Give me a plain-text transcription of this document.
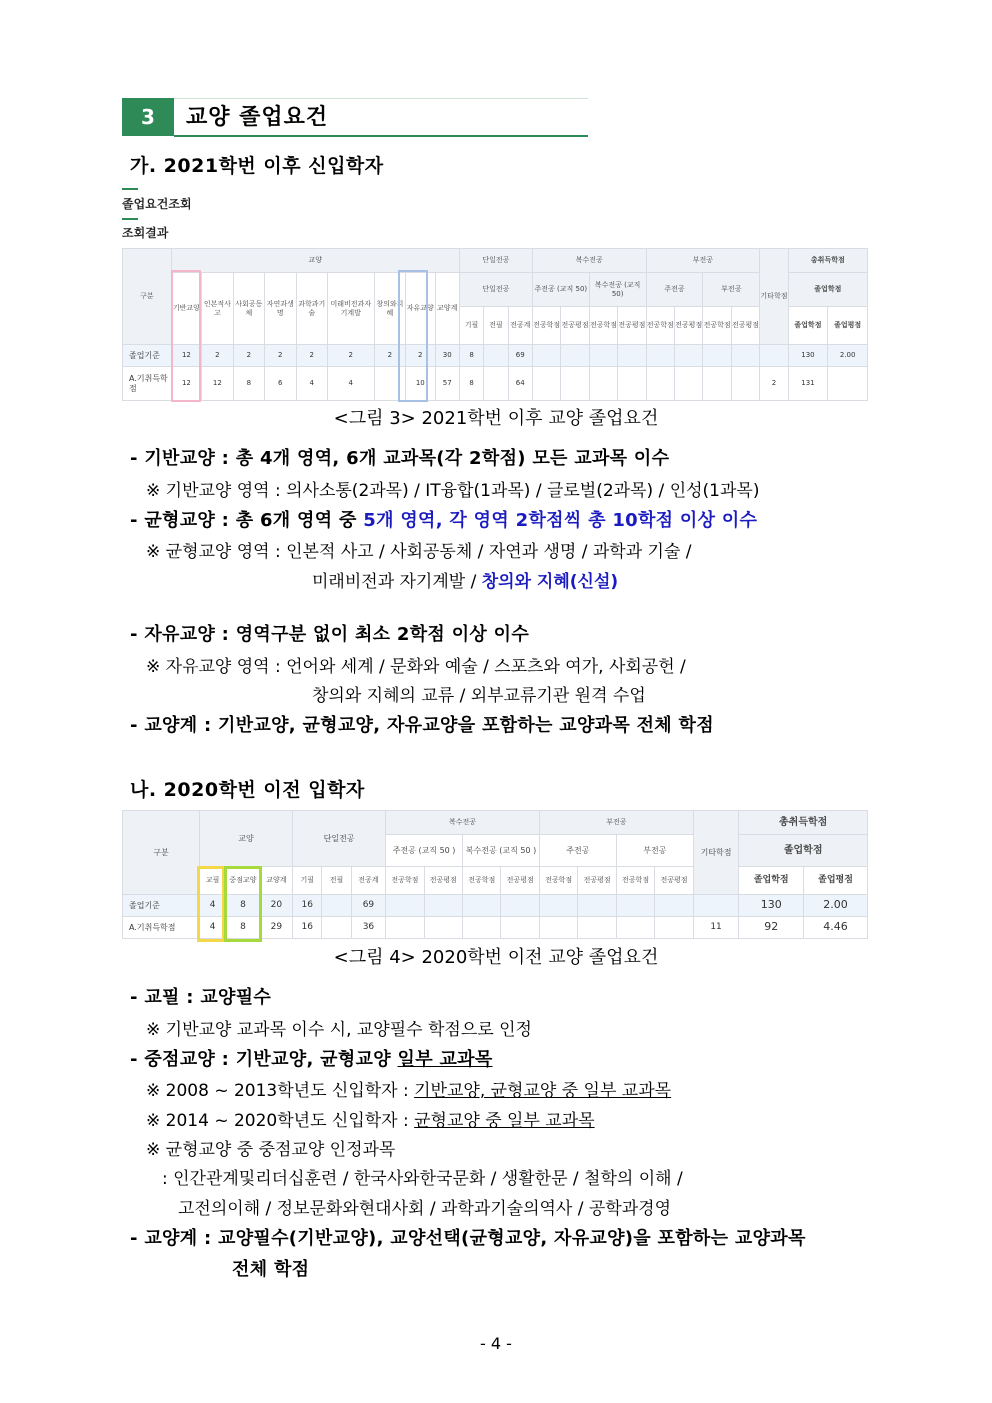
3	교양 졸업요건
가. 2021학번 이후 신입학자
졸업요건조회
조회결과
구분	교양									단일전공			복수전공				부전공				기타학점	총취득학점	
	기반교양	인본적사고	사회공동체	자연과생명	과학과기술	미래비전과자기계발	창의와지혜	자유교양	교양계	단일전공			주전공 (교직 50)		복수전공 (교직 50)		주전공		부전공			졸업학점	
										기필	전필	전공계	전공학점	전공평점	전공학점	전공평점	전공학점	전공평점	전공학점	전공평점		졸업학점	졸업평점
졸업기준	12	2	2	2	2	2	2	2	30	8		69										130	2.00
A.기취득학점	12	12	8	6	4	4		10	57	8		64									2	131	
<그림 3> 2021학번 이후 교양 졸업요건
- 기반교양 : 총 4개 영역, 6개 교과목(각 2학점) 모든 교과목 이수
※ 기반교양 영역 : 의사소통(2과목) / IT융합(1과목) / 글로벌(2과목) / 인성(1과목)
- 균형교양 : 총 6개 영역 중 5개 영역, 각 영역 2학점씩 총 10학점 이상 이수
※ 균형교양 영역 : 인본적 사고 / 사회공동체 / 자연과 생명 / 과학과 기술 /
미래비전과 자기계발 / 창의와 지혜(신설)
- 자유교양 : 영역구분 없이 최소 2학점 이상 이수
※ 자유교양 영역 : 언어와 세계 / 문화와 예술 / 스포츠와 여가, 사회공헌 /
창의와 지혜의 교류 / 외부교류기관 원격 수업
- 교양계 : 기반교양, 균형교양, 자유교양을 포함하는 교양과목 전체 학점
나. 2020학번 이전 입학자
구분	교양			단일전공			복수전공				부전공				기타학점	총취득학점	
							주전공 (교직 50 )		복수전공 (교직 50 )		주전공		부전공			졸업학점	
	교필	중점교양	교양계	기필	전필	전공계	전공학점	전공평점	전공학점	전공평점	전공학점	전공평점	전공학점	전공평점		졸업학점	졸업평점
졸업기준	4	8	20	16		69										130	2.00
A.기취득학점	4	8	29	16		36									11	92	4.46
<그림 4> 2020학번 이전 교양 졸업요건
- 교필 : 교양필수
※ 기반교양 교과목 이수 시, 교양필수 학점으로 인정
- 중점교양 : 기반교양, 균형교양 일부 교과목
※ 2008 ~ 2013학년도 신입학자 : 기반교양, 균형교양 중 일부 교과목
※ 2014 ~ 2020학년도 신입학자 : 균형교양 중 일부 교과목
※ 균형교양 중 중점교양 인정과목
: 인간관계및리더십훈련 / 한국사와한국문화 / 생활한문 / 철학의 이해 /
고전의이해 / 정보문화와현대사회 / 과학과기술의역사 / 공학과경영
- 교양계 : 교양필수(기반교양), 교양선택(균형교양, 자유교양)을 포함하는 교양과목
전체 학점
- 4 -
